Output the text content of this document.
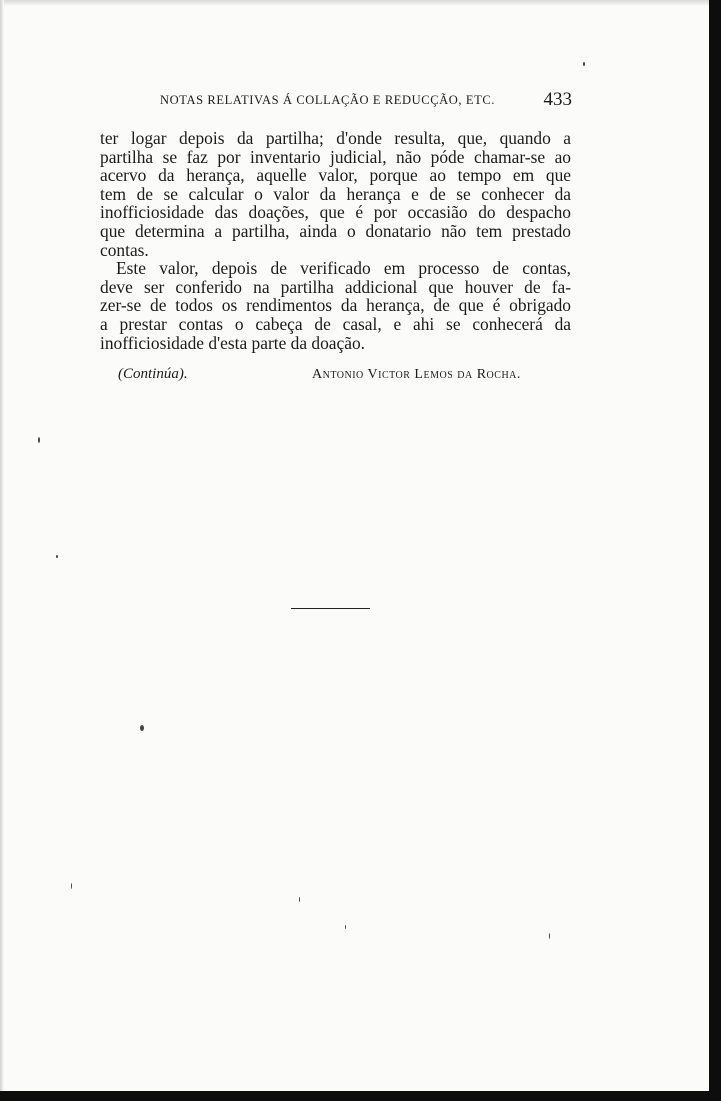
NOTAS RELATIVAS Á COLLAÇÃO E REDUCÇÃO, ETC.	433
ter logar depois da partilha; d'onde resulta, que, quando a
partilha se faz por inventario judicial, não póde chamar-se ao
acervo da herança, aquelle valor, porque ao tempo em que
tem de se calcular o valor da herança e de se conhecer da
inofficiosidade das doações, que é por occasião do despacho
que determina a partilha, ainda o donatario não tem prestado
contas.
Este valor, depois de verificado em processo de contas,
deve ser conferido na partilha addicional que houver de fa-
zer-se de todos os rendimentos da herança, de que é obrigado
a prestar contas o cabeça de casal, e ahi se conhecerá da
inofficiosidade d'esta parte da doação.
(Continúa).	Antonio Victor Lemos da Rocha.
